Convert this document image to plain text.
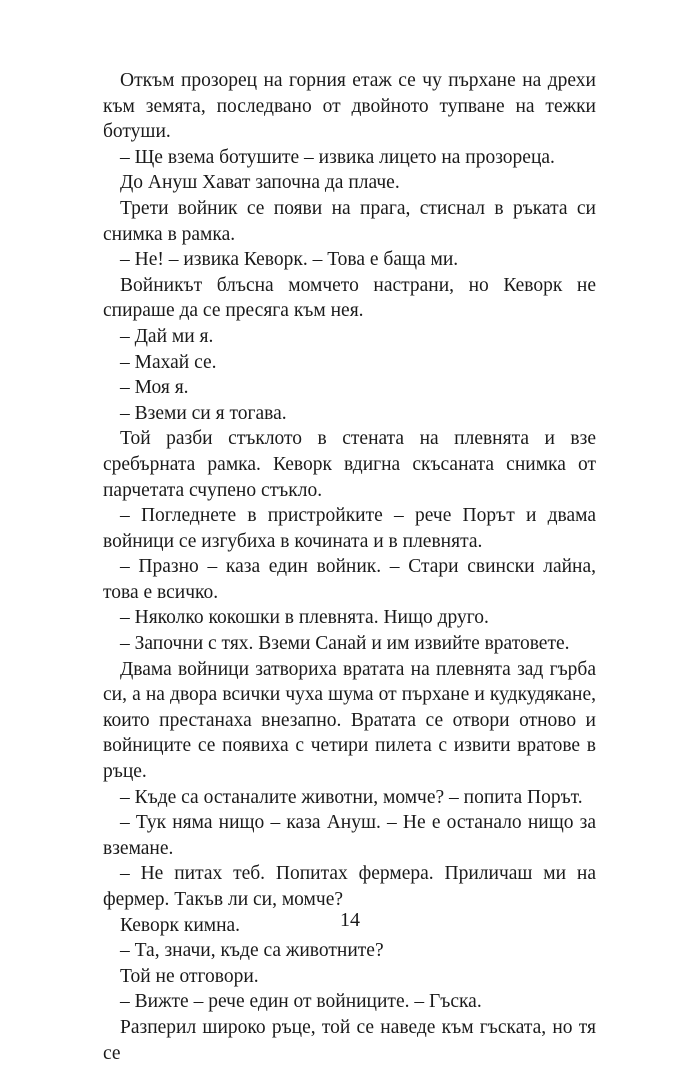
Откъм прозорец на горния етаж се чу пърхане на дрехи към земята, последвано от двойното тупване на тежки ботуши.

– Ще взема ботушите – извика лицето на прозореца.

До Ануш Хават започна да плаче.

Трети войник се появи на прага, стиснал в ръката си снимка в рамка.

– Не! – извика Кеворк. – Това е баща ми.

Войникът блъсна момчето настрани, но Кеворк не спираше да се пресяга към нея.

– Дай ми я.

– Махай се.

– Моя я.

– Вземи си я тогава.

Той разби стъклото в стената на плевнята и взе сребърната рамка. Кеворк вдигна скъсаната снимка от парчетата счупено стъкло.

– Погледнете в пристройките – рече Порът и двама войници се изгубиха в кочината и в плевнята.

– Празно – каза един войник. – Стари свински лайна, това е всичко.

– Няколко кокошки в плевнята. Нищо друго.

– Започни с тях. Вземи Санай и им извийте вратовете.

Двама войници затвориха вратата на плевнята зад гърба си, а на двора всички чуха шума от пърхане и кудкудякане, които престанаха внезапно. Вратата се отвори отново и войниците се появиха с четири пилета с извити вратове в ръце.

– Къде са останалите животни, момче? – попита Порът.

– Тук няма нищо – каза Ануш. – Не е останало нищо за вземане.

– Не питах теб. Попитах фермера. Приличаш ми на фермер. Такъв ли си, момче?

Кеворк кимна.

– Та, значи, къде са животните?

Той не отговори.

– Вижте – рече един от войниците. – Гъска.

Разперил широко ръце, той се наведе към гъската, но тя се

14
